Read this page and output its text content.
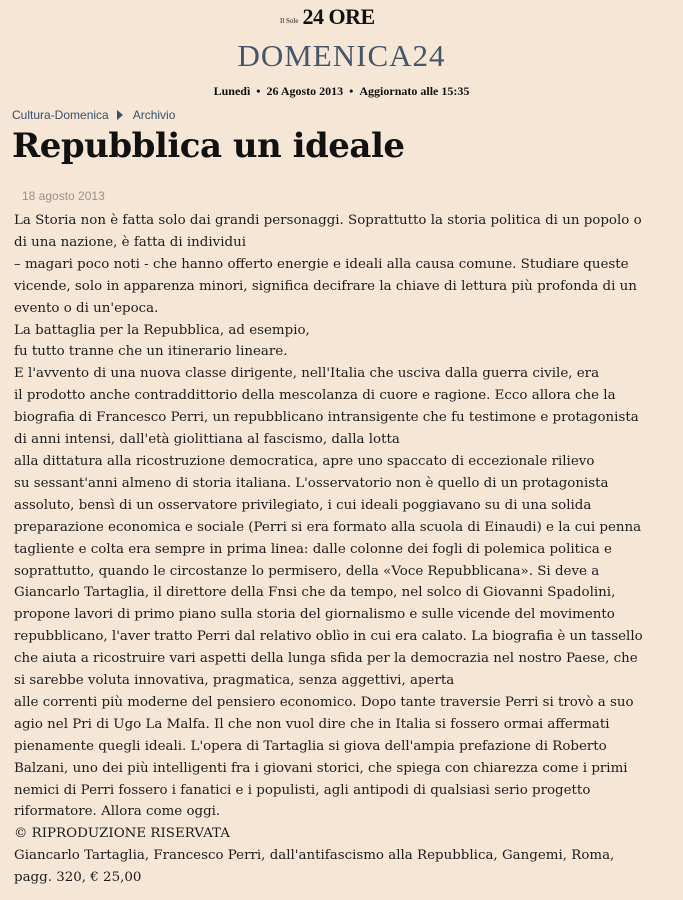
Il Sole 24 ORE
DOMENICA24
Lunedì • 26 Agosto 2013 • Aggiornato alle 15:35
Cultura-Domenica Archivio
Repubblica un ideale
18 agosto 2013

La Storia non è fatta solo dai grandi personaggi. Soprattutto la storia politica di un popolo o

di una nazione, è fatta di individui

– magari poco noti - che hanno offerto energie e ideali alla causa comune. Studiare queste

vicende, solo in apparenza minori, significa decifrare la chiave di lettura più profonda di un

evento o di un'epoca.

La battaglia per la Repubblica, ad esempio,

fu tutto tranne che un itinerario lineare.

E l'avvento di una nuova classe dirigente, nell'Italia che usciva dalla guerra civile, era

il prodotto anche contraddittorio della mescolanza di cuore e ragione. Ecco allora che la

biografia di Francesco Perri, un repubblicano intransigente che fu testimone e protagonista

di anni intensi, dall'età giolittiana al fascismo, dalla lotta

alla dittatura alla ricostruzione democratica, apre uno spaccato di eccezionale rilievo

su sessant'anni almeno di storia italiana. L'osservatorio non è quello di un protagonista

assoluto, bensì di un osservatore privilegiato, i cui ideali poggiavano su di una solida

preparazione economica e sociale (Perri si era formato alla scuola di Einaudi) e la cui penna

tagliente e colta era sempre in prima linea: dalle colonne dei fogli di polemica politica e

soprattutto, quando le circostanze lo permisero, della «Voce Repubblicana». Si deve a

Giancarlo Tartaglia, il direttore della Fnsi che da tempo, nel solco di Giovanni Spadolini,

propone lavori di primo piano sulla storia del giornalismo e sulle vicende del movimento

repubblicano, l'aver tratto Perri dal relativo oblìo in cui era calato. La biografia è un tassello

che aiuta a ricostruire vari aspetti della lunga sfida per la democrazia nel nostro Paese, che

si sarebbe voluta innovativa, pragmatica, senza aggettivi, aperta

alle correnti più moderne del pensiero economico. Dopo tante traversie Perri si trovò a suo

agio nel Pri di Ugo La Malfa. Il che non vuol dire che in Italia si fossero ormai affermati

pienamente quegli ideali. L'opera di Tartaglia si giova dell'ampia prefazione di Roberto

Balzani, uno dei più intelligenti fra i giovani storici, che spiega con chiarezza come i primi

nemici di Perri fossero i fanatici e i populisti, agli antipodi di qualsiasi serio progetto

riformatore. Allora come oggi.

© RIPRODUZIONE RISERVATA

Giancarlo Tartaglia, Francesco Perri, dall'antifascismo alla Repubblica, Gangemi, Roma,

pagg. 320, € 25,00
